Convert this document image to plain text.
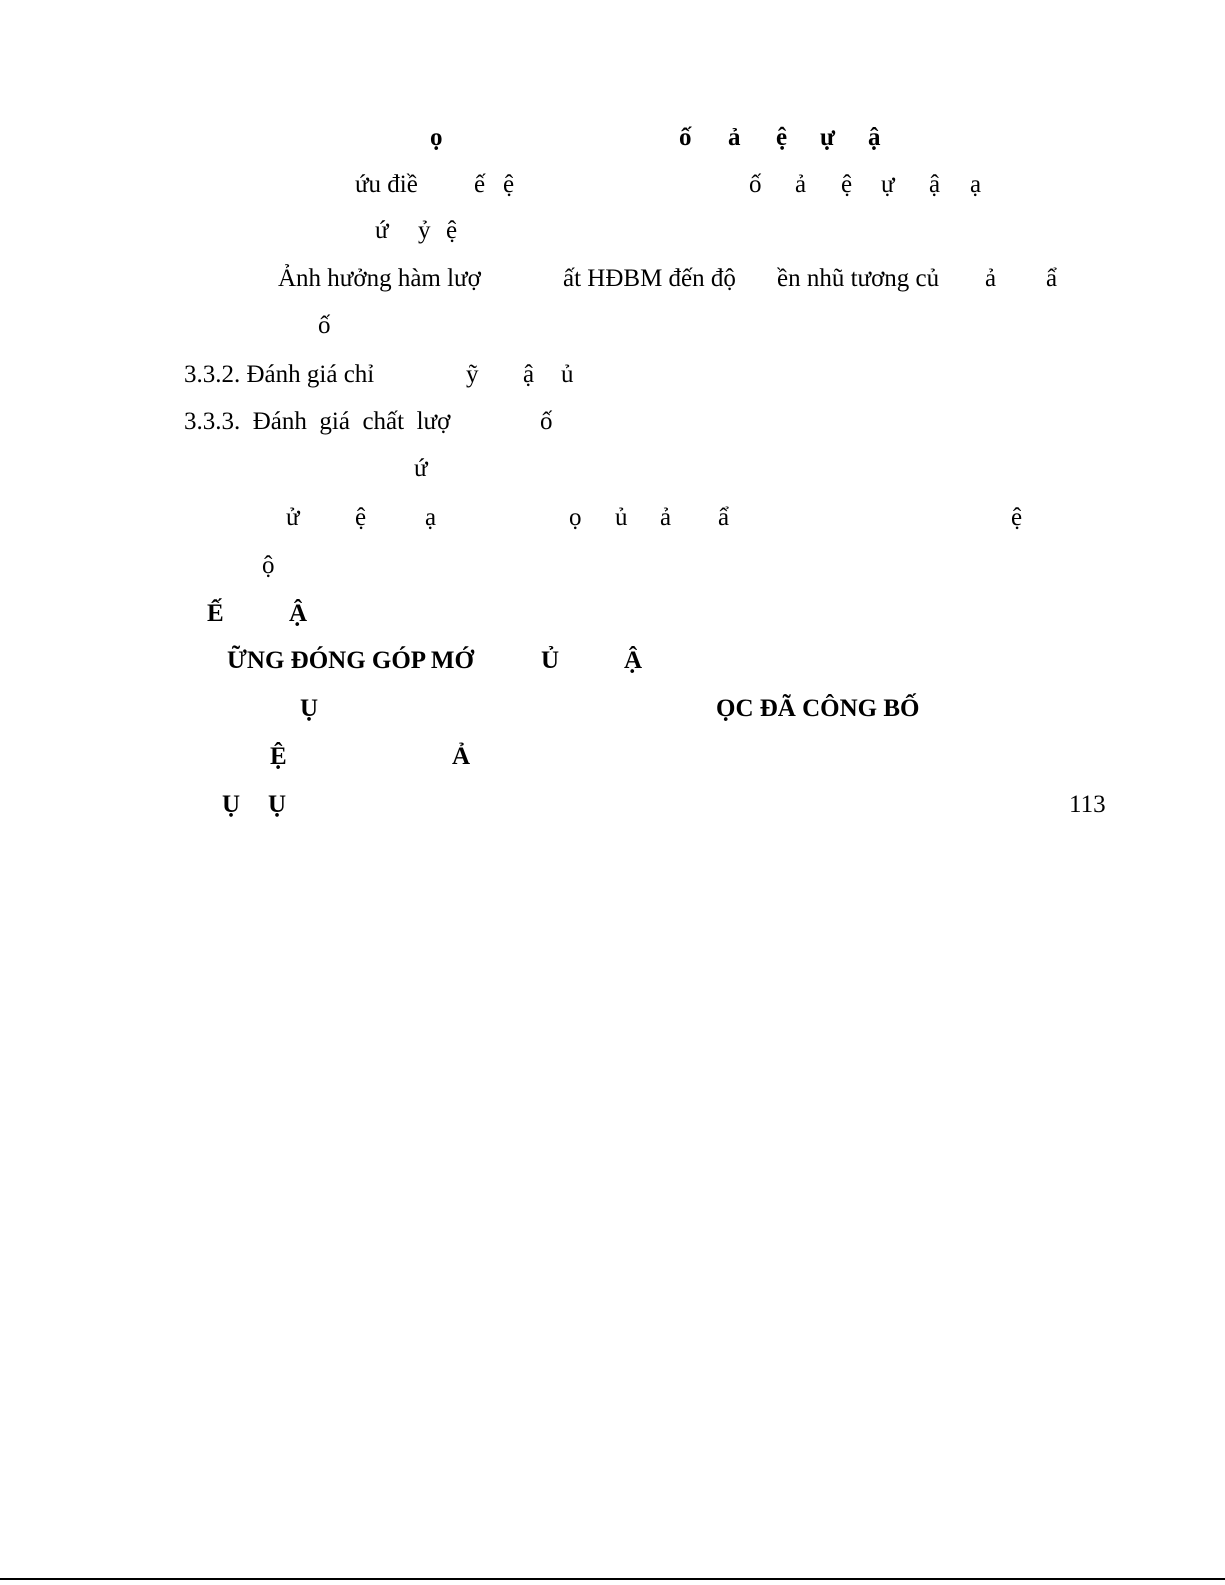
ọ	ố ả ệ ự ậ
ứu điề ế ệ	ố ả ệ ự ậ ạ
ứ ỷ ệ
Ảnh hưởng hàm lượ	ất HĐBM đến độ ền nhũ tương củ ả ẩ
ố
3.3.2. Đánh giá chỉ	ỹ ậ ủ
3.3.3.  Đánh  giá  chất  lượ	ố
ứ
ử ệ ạ	ọ ủ ả ẩ	ệ
ộ
Ế	Ậ
ỮNG ĐÓNG GÓP MỚ	Ủ	Ậ
Ụ	ỌC ĐÃ CÔNG BỐ
Ệ	Ả
Ụ Ụ	113
